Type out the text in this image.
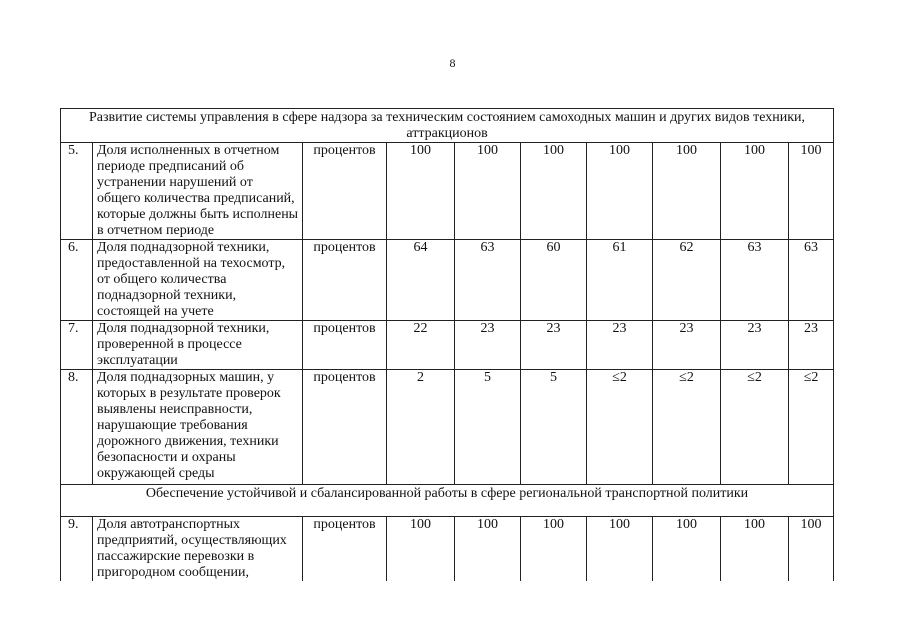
8
Развитие системы управления в сфере надзора за техническим состоянием самоходных машин и других видов техники, аттракционов									
5.	Доля исполненных в отчетном периоде предписаний об устранении нарушений от общего количества предписаний, которые должны быть исполнены в отчетном периоде	процентов	100	100	100	100	100	100	100
6.	Доля поднадзорной техники, предоставленной на техосмотр, от общего количества поднадзорной техники, состоящей на учете	процентов	64	63	60	61	62	63	63
7.	Доля поднадзорной техники, проверенной в процессе эксплуатации	процентов	22	23	23	23	23	23	23
8.	Доля поднадзорных машин, у которых в результате проверок выявлены неисправности, нарушающие требования дорожного движения, техники безопасности и охраны окружающей среды	процентов	2	5	5	≤2	≤2	≤2	≤2
Обеспечение устойчивой и сбалансированной работы в сфере региональной транспортной политики									
9.	Доля автотранспортных предприятий, осуществляющих пассажирские перевозки в пригородном сообщении,	процентов	100	100	100	100	100	100	100
